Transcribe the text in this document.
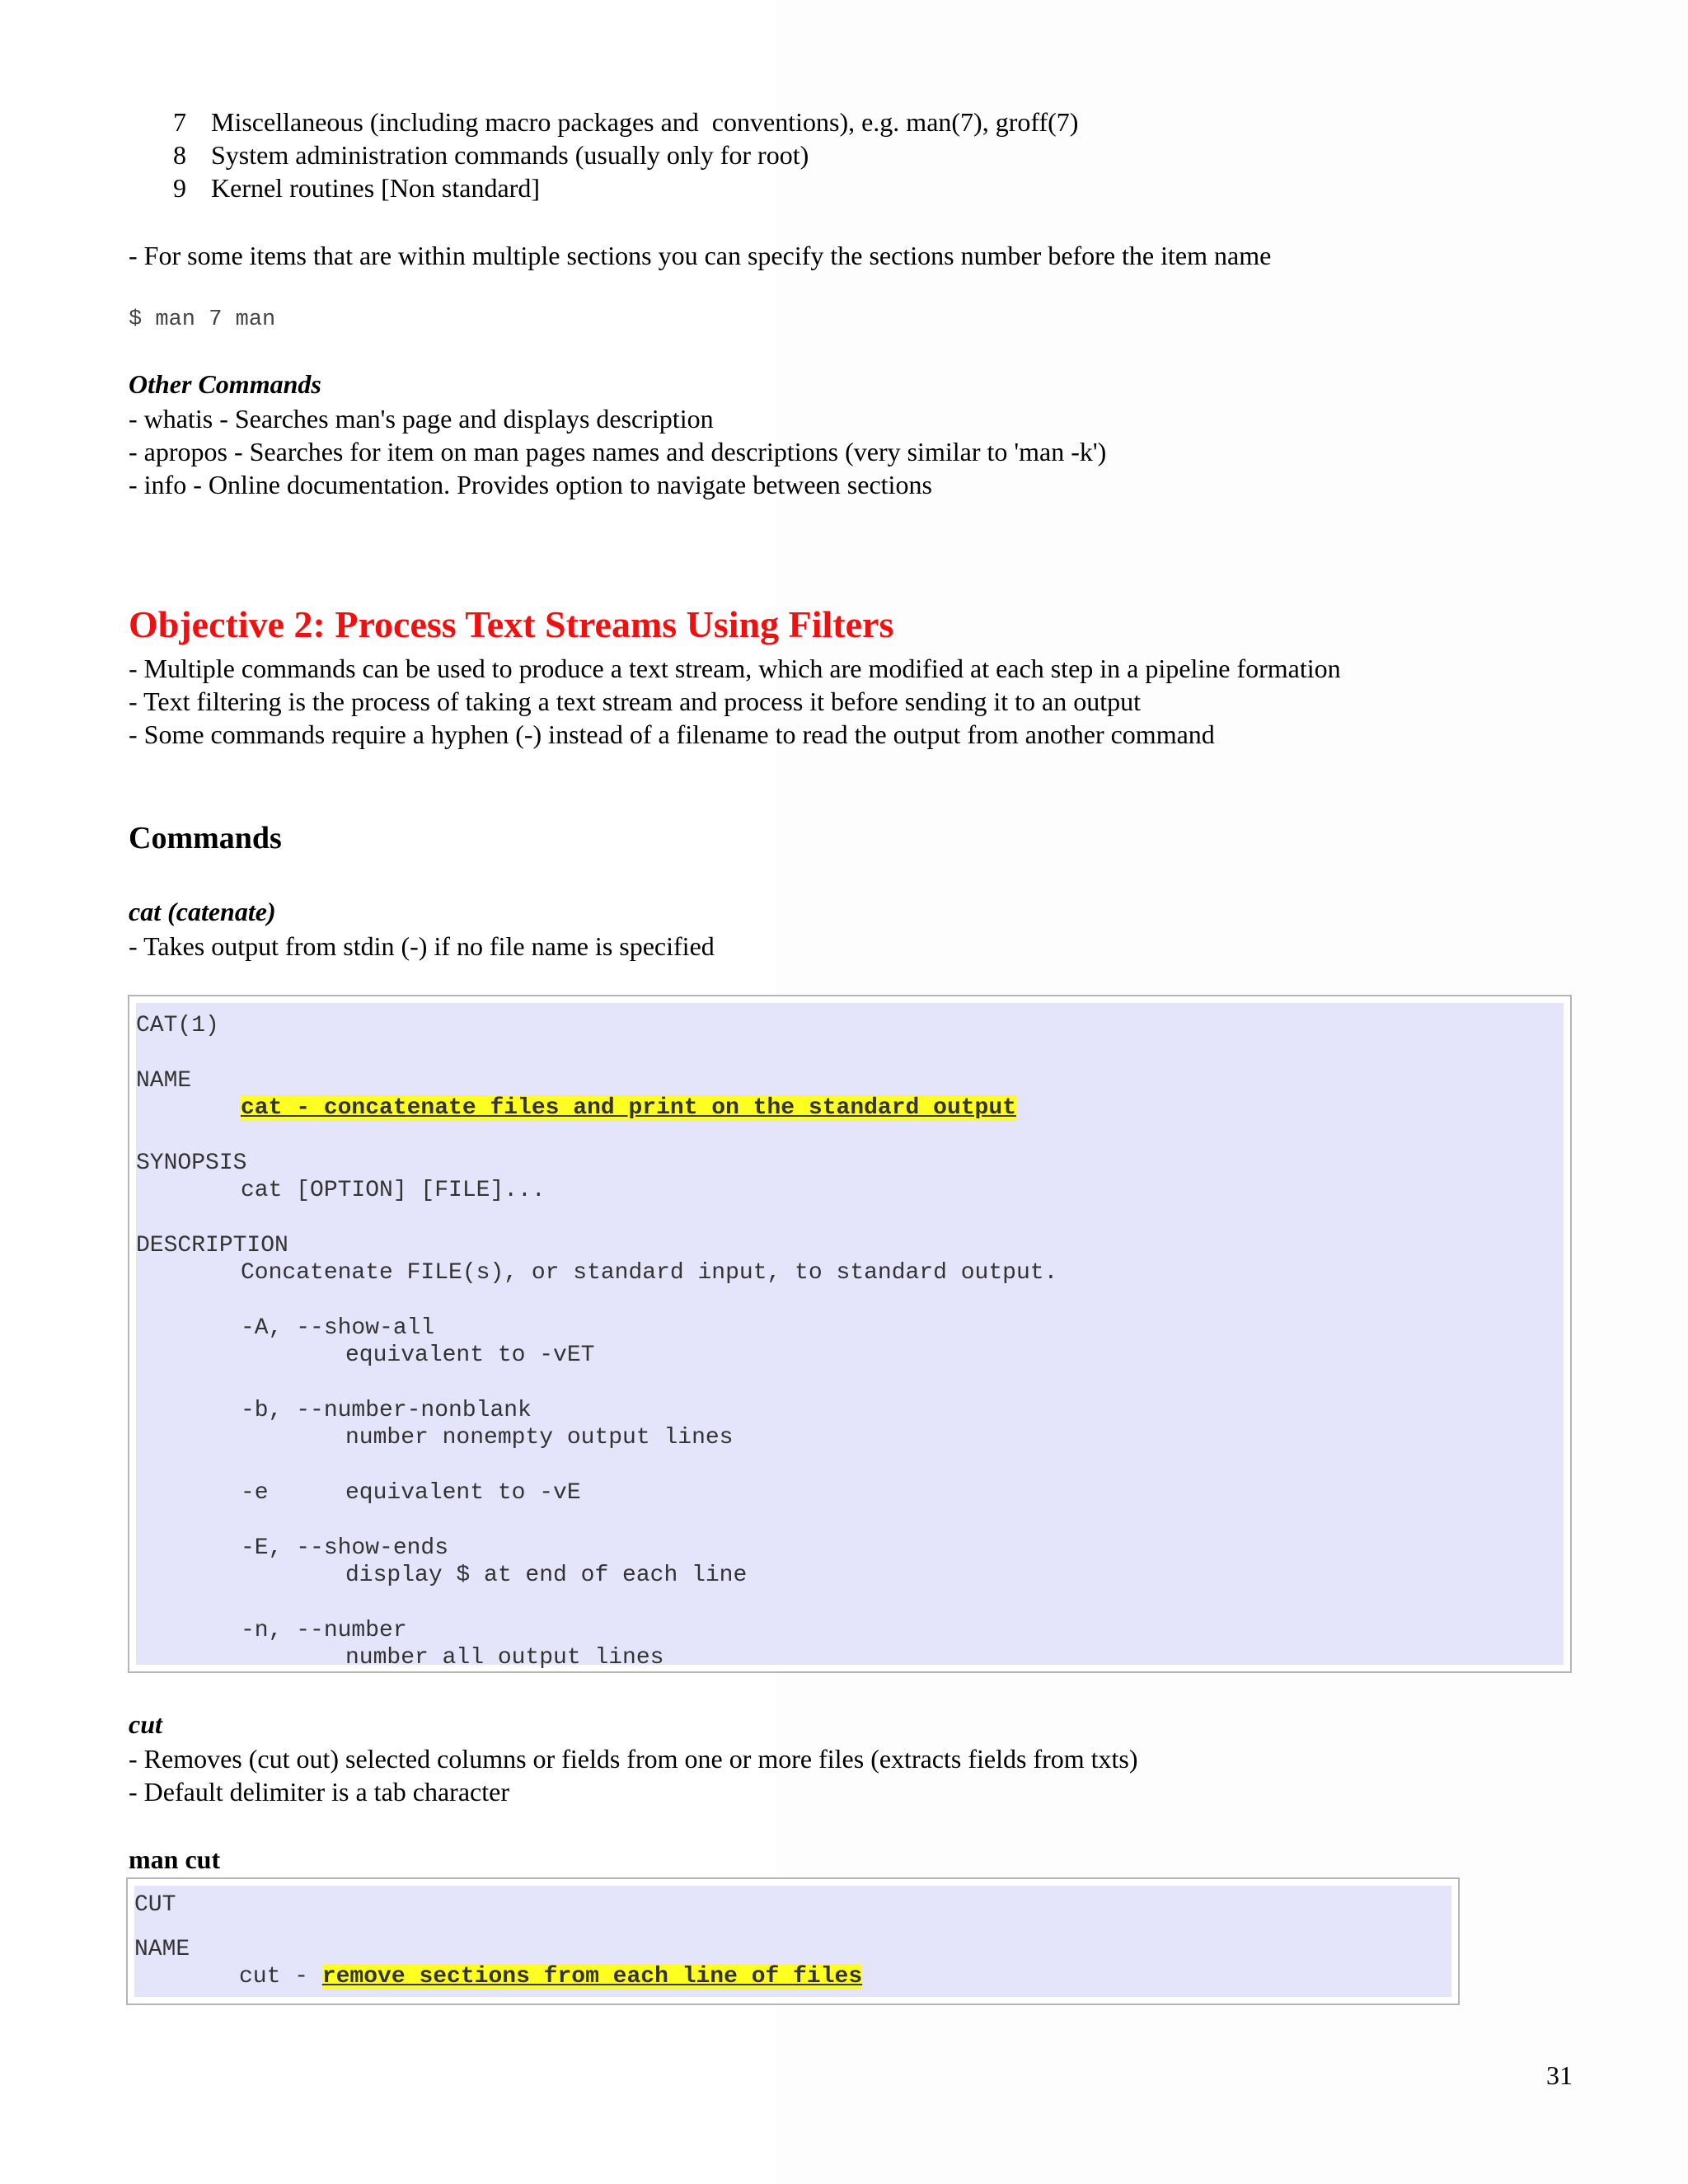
7 Miscellaneous (including macro packages and  conventions), e.g. man(7), groff(7)
8 System administration commands (usually only for root)
9 Kernel routines [Non standard]
- For some items that are within multiple sections you can specify the sections number before the item name
$ man 7 man
Other Commands
- whatis - Searches man's page and displays description
- apropos - Searches for item on man pages names and descriptions (very similar to 'man -k')
- info - Online documentation. Provides option to navigate between sections
Objective 2: Process Text Streams Using Filters
- Multiple commands can be used to produce a text stream, which are modified at each step in a pipeline formation
- Text filtering is the process of taking a text stream and process it before sending it to an output
- Some commands require a hyphen (-) instead of a filename to read the output from another command
Commands
cat (catenate)
- Takes output from stdin (-) if no file name is specified
CAT(1)
NAME
cat - concatenate files and print on the standard output
SYNOPSIS
cat [OPTION] [FILE]...
DESCRIPTION
Concatenate FILE(s), or standard input, to standard output.
-A, --show-all
equivalent to -vET
-b, --number-nonblank
number nonempty output lines
-e	equivalent to -vE
-E, --show-ends
display $ at end of each line
-n, --number
number all output lines
cut
- Removes (cut out) selected columns or fields from one or more files (extracts fields from txts)
- Default delimiter is a tab character
man cut
CUT
NAME
cut - remove sections from each line of files
31
